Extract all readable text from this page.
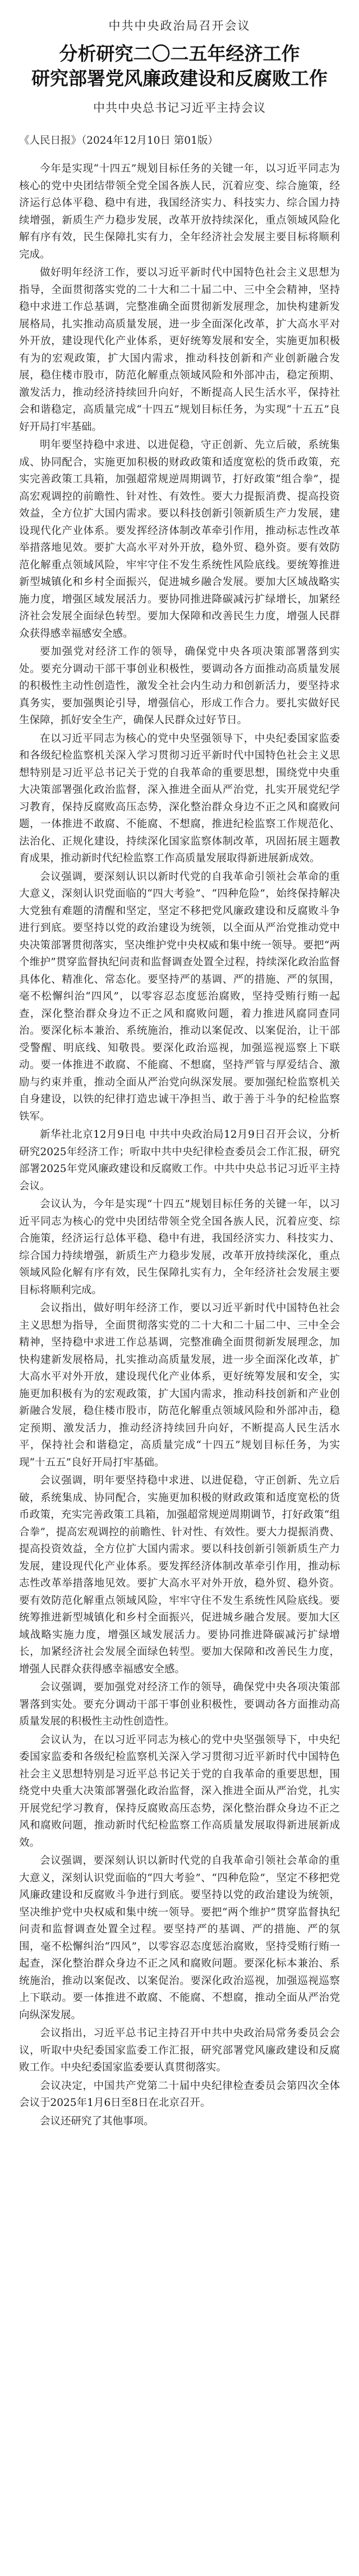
中共中央政治局召开会议
分析研究二〇二五年经济工作
研究部署党风廉政建设和反腐败工作
中共中央总书记习近平主持会议
《人民日报》（2024年12月10日 第01版）

今年是实现“十四五”规划目标任务的关键一年，以习近平同志为核心的党中央团结带领全党全国各族人民，沉着应变、综合施策，经济运行总体平稳、稳中有进，我国经济实力、科技实力、综合国力持续增强，新质生产力稳步发展，改革开放持续深化，重点领域风险化解有序有效，民生保障扎实有力，全年经济社会发展主要目标将顺利完成。

做好明年经济工作，要以习近平新时代中国特色社会主义思想为指导，全面贯彻落实党的二十大和二十届二中、三中全会精神，坚持稳中求进工作总基调，完整准确全面贯彻新发展理念，加快构建新发展格局，扎实推动高质量发展，进一步全面深化改革，扩大高水平对外开放，建设现代化产业体系，更好统筹发展和安全，实施更加积极有为的宏观政策，扩大国内需求，推动科技创新和产业创新融合发展，稳住楼市股市，防范化解重点领域风险和外部冲击，稳定预期、激发活力，推动经济持续回升向好，不断提高人民生活水平，保持社会和谐稳定，高质量完成“十四五”规划目标任务，为实现“十五五”良好开局打牢基础。

明年要坚持稳中求进、以进促稳，守正创新、先立后破，系统集成、协同配合，实施更加积极的财政政策和适度宽松的货币政策，充实完善政策工具箱，加强超常规逆周期调节，打好政策“组合拳”，提高宏观调控的前瞻性、针对性、有效性。要大力提振消费、提高投资效益，全方位扩大国内需求。要以科技创新引领新质生产力发展，建设现代化产业体系。要发挥经济体制改革牵引作用，推动标志性改革举措落地见效。要扩大高水平对外开放，稳外贸、稳外资。要有效防范化解重点领域风险，牢牢守住不发生系统性风险底线。要统筹推进新型城镇化和乡村全面振兴，促进城乡融合发展。要加大区域战略实施力度，增强区域发展活力。要协同推进降碳减污扩绿增长，加紧经济社会发展全面绿色转型。要加大保障和改善民生力度，增强人民群众获得感幸福感安全感。

要加强党对经济工作的领导，确保党中央各项决策部署落到实处。要充分调动干部干事创业积极性，要调动各方面推动高质量发展的积极性主动性创造性，激发全社会内生动力和创新活力，要坚持求真务实，要加强舆论引导，增强信心，形成工作合力。要扎实做好民生保障，抓好安全生产，确保人民群众过好节日。

在以习近平同志为核心的党中央坚强领导下，中央纪委国家监委和各级纪检监察机关深入学习贯彻习近平新时代中国特色社会主义思想特别是习近平总书记关于党的自我革命的重要思想，围绕党中央重大决策部署强化政治监督，深入推进全面从严治党，扎实开展党纪学习教育，保持反腐败高压态势，深化整治群众身边不正之风和腐败问题，一体推进不敢腐、不能腐、不想腐，推进纪检监察工作规范化、法治化、正规化建设，持续深化国家监察体制改革，巩固拓展主题教育成果，推动新时代纪检监察工作高质量发展取得新进展新成效。

会议强调，要深刻认识以新时代党的自我革命引领社会革命的重大意义，深刻认识党面临的“四大考验”、“四种危险”，始终保持解决大党独有难题的清醒和坚定，坚定不移把党风廉政建设和反腐败斗争进行到底。要坚持以党的政治建设为统领，以全面从严治党推动党中央决策部署贯彻落实，坚决维护党中央权威和集中统一领导。要把“两个维护”贯穿监督执纪问责和监督调查处置全过程，持续深化政治监督具体化、精准化、常态化。要坚持严的基调、严的措施、严的氛围，毫不松懈纠治“四风”，以零容忍态度惩治腐败，坚持受贿行贿一起查，深化整治群众身边不正之风和腐败问题，着力推进风腐同查同治。要深化标本兼治、系统施治，推动以案促改、以案促治，让干部受警醒、明底线、知敬畏。要深化政治巡视，加强巡视巡察上下联动。要一体推进不敢腐、不能腐、不想腐，坚持严管与厚爱结合、激励与约束并重，推动全面从严治党向纵深发展。要加强纪检监察机关自身建设，以铁的纪律打造忠诚干净担当、敢于善于斗争的纪检监察铁军。

新华社北京12月9日电 中共中央政治局12月9日召开会议，分析研究2025年经济工作；听取中共中央纪律检查委员会工作汇报，研究部署2025年党风廉政建设和反腐败工作。中共中央总书记习近平主持会议。

会议认为，今年是实现“十四五”规划目标任务的关键一年，以习近平同志为核心的党中央团结带领全党全国各族人民，沉着应变、综合施策，经济运行总体平稳、稳中有进，我国经济实力、科技实力、综合国力持续增强，新质生产力稳步发展，改革开放持续深化，重点领域风险化解有序有效，民生保障扎实有力，全年经济社会发展主要目标将顺利完成。

会议指出，做好明年经济工作，要以习近平新时代中国特色社会主义思想为指导，全面贯彻落实党的二十大和二十届二中、三中全会精神，坚持稳中求进工作总基调，完整准确全面贯彻新发展理念，加快构建新发展格局，扎实推动高质量发展，进一步全面深化改革，扩大高水平对外开放，建设现代化产业体系，更好统筹发展和安全，实施更加积极有为的宏观政策，扩大国内需求，推动科技创新和产业创新融合发展，稳住楼市股市，防范化解重点领域风险和外部冲击，稳定预期、激发活力，推动经济持续回升向好，不断提高人民生活水平，保持社会和谐稳定，高质量完成“十四五”规划目标任务，为实现“十五五”良好开局打牢基础。

会议强调，明年要坚持稳中求进、以进促稳，守正创新、先立后破，系统集成、协同配合，实施更加积极的财政政策和适度宽松的货币政策，充实完善政策工具箱，加强超常规逆周期调节，打好政策“组合拳”，提高宏观调控的前瞻性、针对性、有效性。要大力提振消费、提高投资效益，全方位扩大国内需求。要以科技创新引领新质生产力发展，建设现代化产业体系。要发挥经济体制改革牵引作用，推动标志性改革举措落地见效。要扩大高水平对外开放，稳外贸、稳外资。要有效防范化解重点领域风险，牢牢守住不发生系统性风险底线。要统筹推进新型城镇化和乡村全面振兴，促进城乡融合发展。要加大区域战略实施力度，增强区域发展活力。要协同推进降碳减污扩绿增长，加紧经济社会发展全面绿色转型。要加大保障和改善民生力度，增强人民群众获得感幸福感安全感。

会议强调，要加强党对经济工作的领导，确保党中央各项决策部署落到实处。要充分调动干部干事创业积极性，要调动各方面推动高质量发展的积极性主动性创造性。

会议认为，在以习近平同志为核心的党中央坚强领导下，中央纪委国家监委和各级纪检监察机关深入学习贯彻习近平新时代中国特色社会主义思想特别是习近平总书记关于党的自我革命的重要思想，围绕党中央重大决策部署强化政治监督，深入推进全面从严治党，扎实开展党纪学习教育，保持反腐败高压态势，深化整治群众身边不正之风和腐败问题，推动新时代纪检监察工作高质量发展取得新进展新成效。

会议强调，要深刻认识以新时代党的自我革命引领社会革命的重大意义，深刻认识党面临的“四大考验”、“四种危险”，坚定不移把党风廉政建设和反腐败斗争进行到底。要坚持以党的政治建设为统领，坚决维护党中央权威和集中统一领导。要把“两个维护”贯穿监督执纪问责和监督调查处置全过程。要坚持严的基调、严的措施、严的氛围，毫不松懈纠治“四风”，以零容忍态度惩治腐败，坚持受贿行贿一起查，深化整治群众身边不正之风和腐败问题。要深化标本兼治、系统施治，推动以案促改、以案促治。要深化政治巡视，加强巡视巡察上下联动。要一体推进不敢腐、不能腐、不想腐，推动全面从严治党向纵深发展。

会议指出，习近平总书记主持召开中共中央政治局常务委员会会议，听取中央纪委国家监委工作汇报，研究部署党风廉政建设和反腐败工作。中央纪委国家监委要认真贯彻落实。

会议决定，中国共产党第二十届中央纪律检查委员会第四次全体会议于2025年1月6日至8日在北京召开。

会议还研究了其他事项。
